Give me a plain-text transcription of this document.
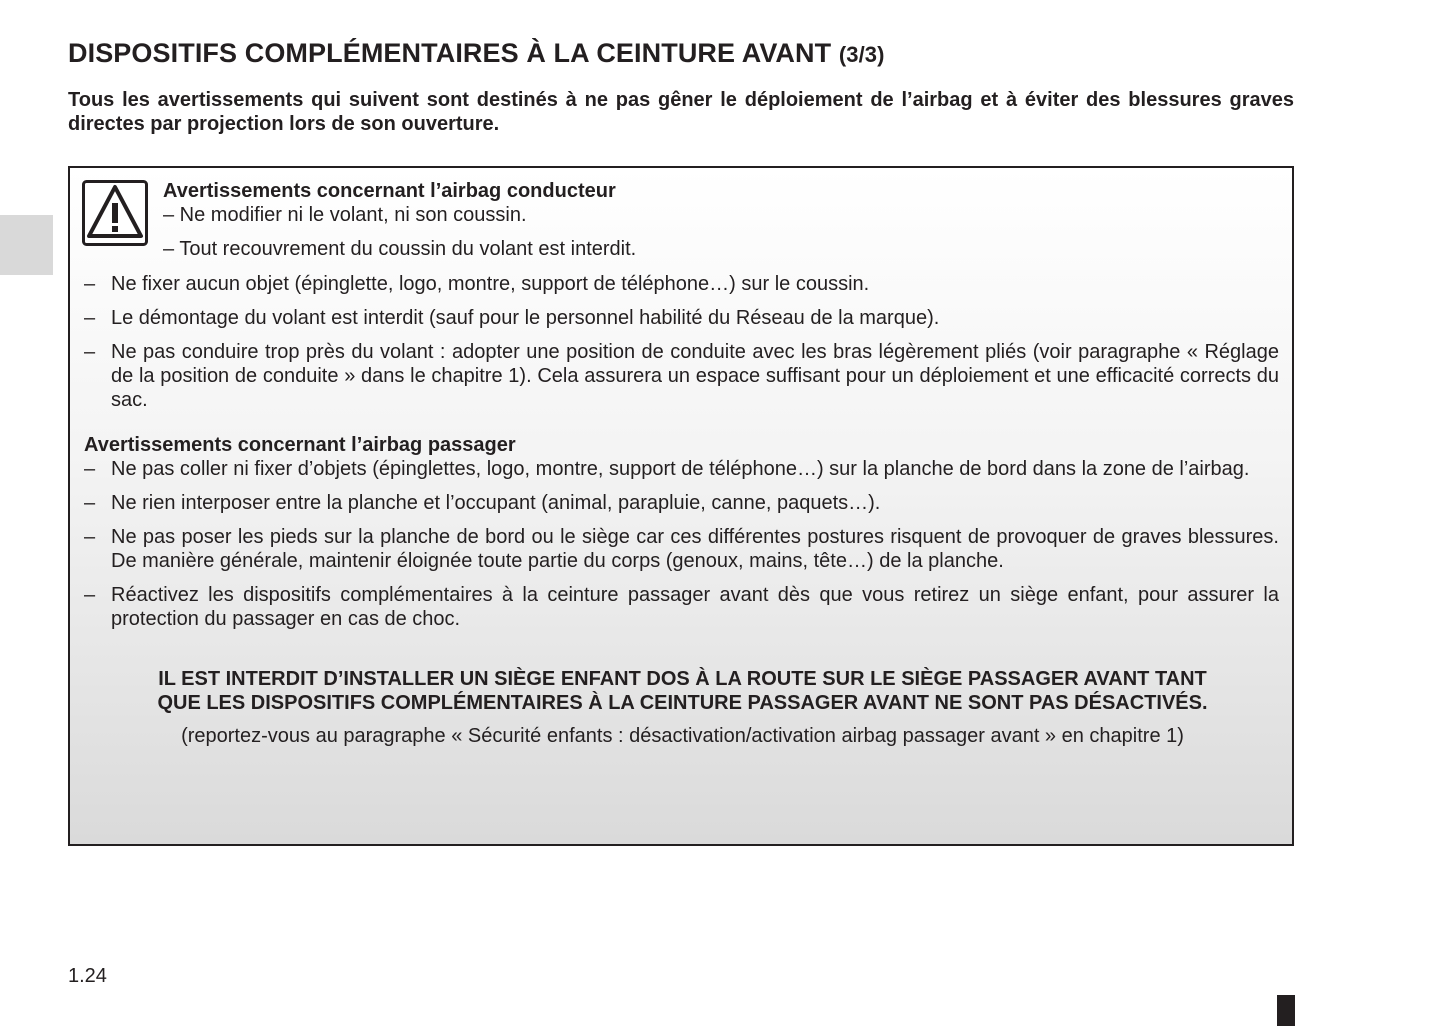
DISPOSITIFS COMPLÉMENTAIRES À LA CEINTURE AVANT (3/3)

Tous les avertissements qui suivent sont destinés à ne pas gêner le déploiement de l’airbag et à éviter des blessures graves directes par projection lors de son ouverture.

Avertissements concernant l’airbag conducteur

– Ne modifier ni le volant, ni son coussin.

– Tout recouvrement du coussin du volant est interdit.

– Ne fixer aucun objet (épinglette, logo, montre, support de téléphone…) sur le coussin.
– Le démontage du volant est interdit (sauf pour le personnel habilité du Réseau de la marque).
– Ne pas conduire trop près du volant : adopter une position de conduite avec les bras légèrement pliés (voir paragraphe « Réglage de la position de conduite » dans le chapitre 1). Cela assurera un espace suffisant pour un déploiement et une efficacité corrects du sac.

Avertissements concernant l’airbag passager

– Ne pas coller ni fixer d’objets (épinglettes, logo, montre, support de téléphone…) sur la planche de bord dans la zone de l’airbag.
– Ne rien interposer entre la planche et l’occupant (animal, parapluie, canne, paquets…).
– Ne pas poser les pieds sur la planche de bord ou le siège car ces différentes postures risquent de provoquer de graves blessures. De manière générale, maintenir éloignée toute partie du corps (genoux, mains, tête…) de la planche.
– Réactivez les dispositifs complémentaires à la ceinture passager avant dès que vous retirez un siège enfant, pour assurer la protection du passager en cas de choc.

IL EST INTERDIT D’INSTALLER UN SIÈGE ENFANT DOS À LA ROUTE SUR LE SIÈGE PASSAGER AVANT TANT
QUE LES DISPOSITIFS COMPLÉMENTAIRES À LA CEINTURE PASSAGER AVANT NE SONT PAS DÉSACTIVÉS.

(reportez-vous au paragraphe « Sécurité enfants : désactivation/activation airbag passager avant » en chapitre 1)

1.24
